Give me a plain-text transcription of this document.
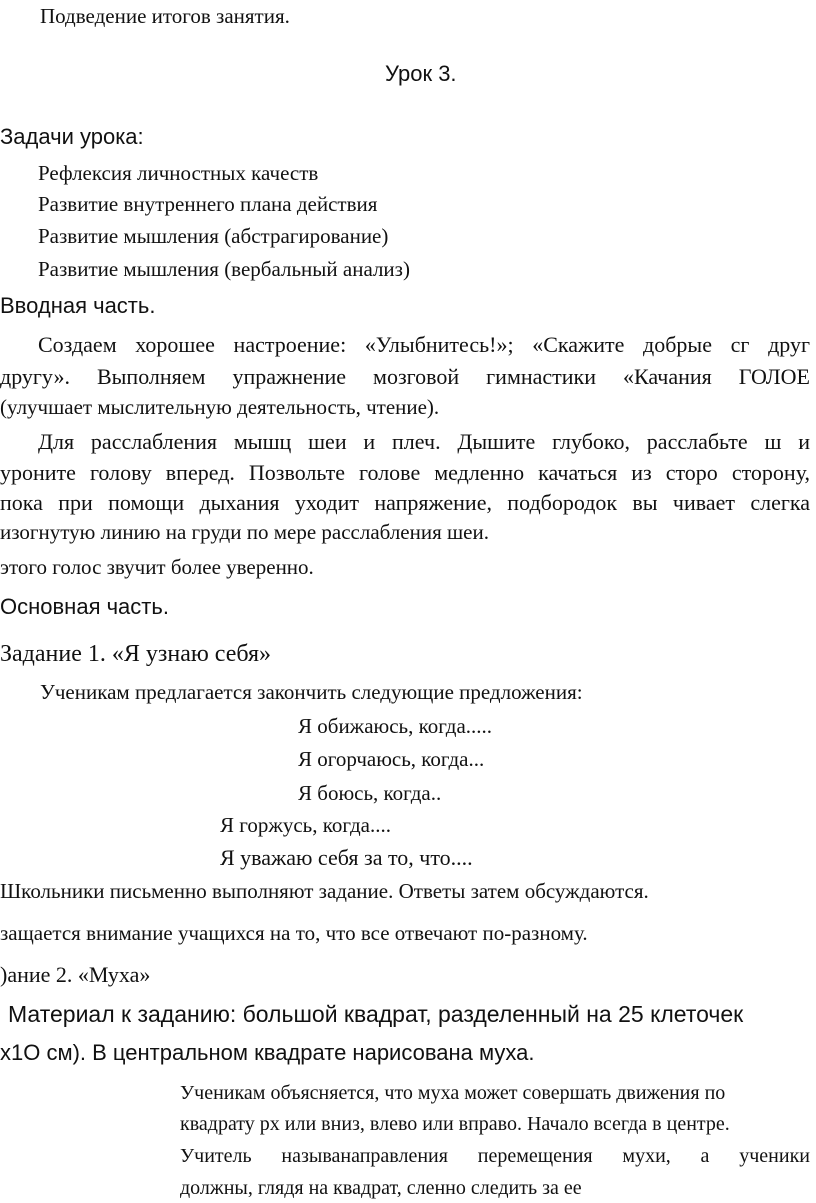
Подведение итогов занятия.
Урок 3.
Задачи урока:
Рефлексия личностных качеств
Развитие внутреннего плана действия
Развитие мышления (абстрагирование)
Развитие мышления (вербальный анализ)
Вводная часть.
Создаем хорошее настроение: «Улыбнитесь!»; «Скажите добрые сг друг
другу». Выполняем упражнение мозговой гимнастики «Качания ГОЛОЕ
(улучшает мыслительную деятельность, чтение).
Для расслабления мышц шеи и плеч. Дышите глубоко, расслабьте ш и
уроните голову вперед. Позвольте голове медленно качаться из сторо сторону,
пока при помощи дыхания уходит напряжение, подбородок вы чивает слегка
изогнутую линию на груди по мере расслабления шеи.
этого голос звучит более уверенно.
Основная часть.
Задание 1. «Я узнаю себя»
Ученикам предлагается закончить следующие предложения:
Я обижаюсь, когда.....
Я огорчаюсь, когда...
Я боюсь, когда..
Я горжусь, когда....
Я уважаю себя за то, что....
Школьники письменно выполняют задание. Ответы затем обсуждаются.
защается внимание учащихся на то, что все отвечают по-разному.
)ание 2. «Муха»
Материал к заданию: большой квадрат, разделенный на 25 клеточек
х1О см). В центральном квадрате нарисована муха.
Ученикам объясняется, что муха может совершать движения по
квадрату рх или вниз, влево или вправо. Начало всегда в центре.
Учитель называнаправления перемещения мухи, а ученики
должны, глядя на квадрат, сленно следить за ее
